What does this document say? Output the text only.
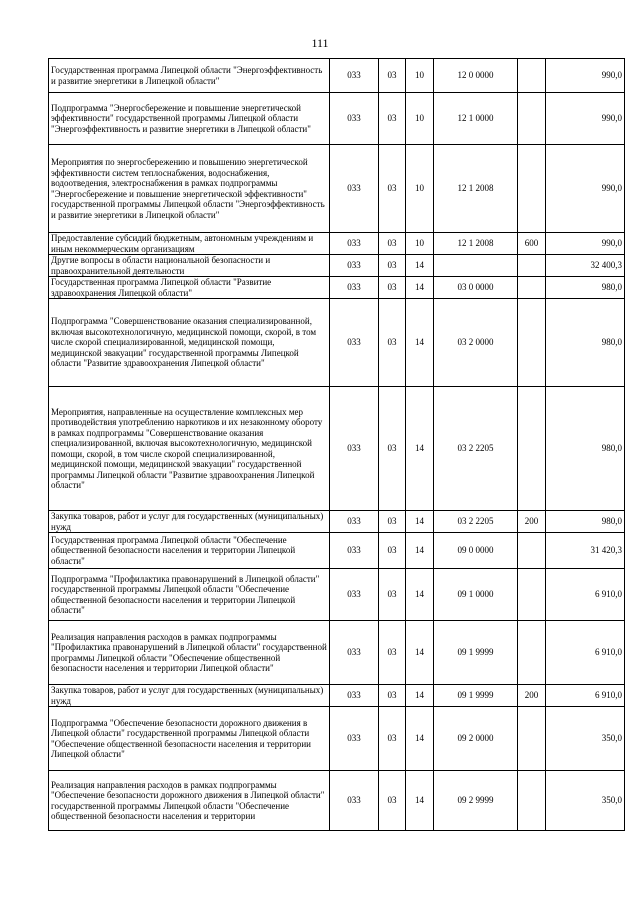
111
Государственная программа Липецкой области "Энергоэффективность и развитие энергетики в Липецкой области"	033	03	10	12 0 0000		990,0
Подпрограмма "Энергосбережение и повышение энергетической эффективности" государственной программы Липецкой области "Энергоэффективность и развитие энергетики в Липецкой области"	033	03	10	12 1 0000		990,0
Мероприятия по энергосбережению и повышению энергетической эффективности систем теплоснабжения, водоснабжения, водоотведения, электроснабжения в рамках подпрограммы "Энергосбережение и повышение энергетической эффективности" государственной программы Липецкой области "Энергоэффективность и развитие энергетики в Липецкой области"	033	03	10	12 1 2008		990,0
Предоставление субсидий бюджетным, автономным учреждениям и иным некоммерческим организациям	033	03	10	12 1 2008	600	990,0
Другие вопросы в области национальной безопасности и правоохранительной деятельности	033	03	14			32 400,3
Государственная программа Липецкой области "Развитие здравоохранения Липецкой области"	033	03	14	03 0 0000		980,0
Подпрограмма "Совершенствование оказания специализированной, включая высокотехнологичную, медицинской помощи, скорой, в том числе скорой специализированной, медицинской помощи, медицинской эвакуации" государственной программы Липецкой области "Развитие здравоохранения Липецкой области"	033	03	14	03 2 0000		980,0
Мероприятия, направленные на осуществление комплексных мер противодействия употреблению наркотиков и их незаконному обороту в рамках подпрограммы "Совершенствование оказания специализированной, включая высокотехнологичную, медицинской помощи, скорой, в том числе скорой специализированной, медицинской помощи, медицинской эвакуации" государственной программы Липецкой области "Развитие здравоохранения Липецкой области"	033	03	14	03 2 2205		980,0
Закупка товаров, работ и услуг для государственных (муниципальных) нужд	033	03	14	03 2 2205	200	980,0
Государственная программа Липецкой области "Обеспечение общественной безопасности населения и территории Липецкой области"	033	03	14	09 0 0000		31 420,3
Подпрограмма "Профилактика правонарушений в Липецкой области" государственной программы Липецкой области "Обеспечение общественной безопасности населения и территории Липецкой области"	033	03	14	09 1 0000		6 910,0
Реализация направления расходов в рамках подпрограммы "Профилактика правонарушений в Липецкой области" государственной программы Липецкой области "Обеспечение общественной безопасности населения и территории Липецкой области"	033	03	14	09 1 9999		6 910,0
Закупка товаров, работ и услуг для государственных (муниципальных) нужд	033	03	14	09 1 9999	200	6 910,0
Подпрограмма "Обеспечение безопасности дорожного движения в Липецкой области" государственной программы Липецкой области "Обеспечение общественной безопасности населения и территории Липецкой области"	033	03	14	09 2 0000		350,0
Реализация направления расходов в рамках подпрограммы "Обеспечение безопасности дорожного движения в Липецкой области" государственной программы Липецкой области "Обеспечение общественной безопасности населения и территории	033	03	14	09 2 9999		350,0
